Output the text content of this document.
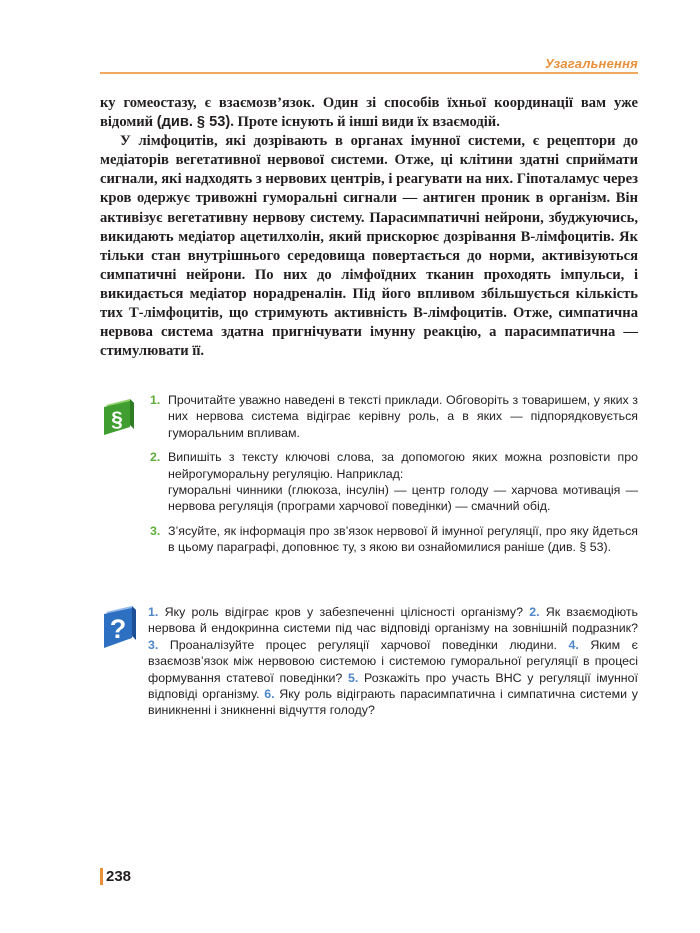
Узагальнення

ку гомеостазу, є взаємозв’язок. Один зі способів їхньої координації вам уже відомий (див. § 53). Проте існують й інші види їх взаємодій.

У лімфоцитів, які дозрівають в органах імунної системи, є рецептори до медіаторів вегетативної нервової системи. Отже, ці клітини здатні сприймати сигнали, які надходять з нервових центрів, і реагувати на них. Гіпоталамус через кров одержує тривожні гуморальні сигнали — антиген проник в організм. Він активізує вегетативну нервову систему. Парасимпатичні нейрони, збуджуючись, викидають медіатор ацетилхолін, який прискорює дозрівання В-лімфоцитів. Як тільки стан внутрішнього середовища повертається до норми, активізуються симпатичні нейрони. По них до лімфоїдних тканин проходять імпульси, і викидається медіатор норадреналін. Під його впливом збільшується кількість тих Т-лімфоцитів, що стримують активність В-лімфоцитів. Отже, симпатична нервова система здатна пригнічувати імунну реакцію, а парасимпатична — стимулювати її.

§
1. Прочитайте уважно наведені в тексті приклади. Обговоріть з товаришем, у яких з них нервова система відіграє керівну роль, а в яких — підпорядковується гуморальним впливам.
2. Випишіть з тексту ключові слова, за допомогою яких можна розповісти про нейрогуморальну регуляцію. Наприклад:
гуморальні чинники (глюкоза, інсулін) — центр голоду — харчова мотивація — нервова регуляція (програми харчової поведінки) — смачний обід.
3. З’ясуйте, як інформація про зв’язок нервової й імунної регуляції, про яку йдеться в цьому параграфі, доповнює ту, з якою ви ознайомилися раніше (див. § 53).
?
1. Яку роль відіграє кров у забезпеченні цілісності організму? 2. Як взаємодіють нервова й ендокринна системи під час відповіді організму на зовнішній подразник? 3. Проаналізуйте процес регуляції харчової поведінки людини. 4. Яким є взаємозв’язок між нервовою системою і системою гуморальної регуляції в процесі формування статевої поведінки? 5. Розкажіть про участь ВНС у регуляції імунної відповіді організму. 6. Яку роль відіграють парасимпатична і симпатична системи у виникненні і зникненні відчуття голоду?
238
